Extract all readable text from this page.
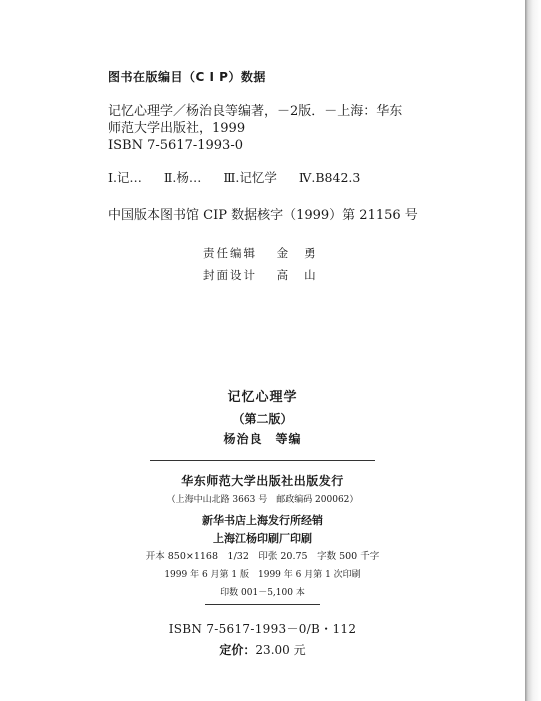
图书在版编目（C I P）数据
记忆心理学／杨治良等编著，－2版．－上海：华东
师范大学出版社，1999
ISBN 7-5617-1993-0
Ⅰ.记… Ⅱ.杨… Ⅲ.记忆学 Ⅳ.B842.3
中国版本图书馆 CIP 数据核字（1999）第 21156 号
责任编辑 金勇
封面设计 高山
记忆心理学
（第二版）
杨治良　等编
华东师范大学出版社出版发行
（上海中山北路 3663 号　邮政编码 200062）
新华书店上海发行所经销
上海江杨印刷厂印刷
开本 850×1168　1/32　印张 20.75　字数 500 千字
1999 年 6 月第 1 版　1999 年 6 月第 1 次印刷
印数 001－5,100 本
ISBN 7-5617-1993－0/B・112
定价：23.00 元
